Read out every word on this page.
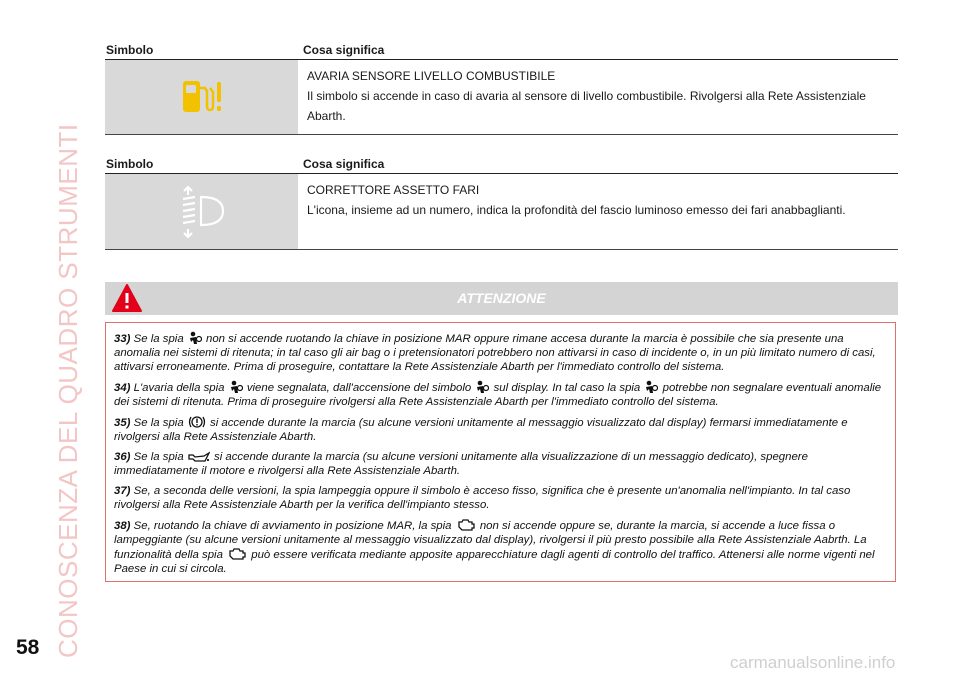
CONOSCENZA DEL QUADRO STRUMENTI
Simbolo	Cosa significa
AVARIA SENSORE LIVELLO COMBUSTIBILE
Il simbolo si accende in caso di avaria al sensore di livello combustibile. Rivolgersi alla Rete Assistenziale Abarth.
Simbolo	Cosa significa
CORRETTORE ASSETTO FARI
L'icona, insieme ad un numero, indica la profondità del fascio luminoso emesso dei fari anabbaglianti.
ATTENZIONE

33) Se la spia non si accende ruotando la chiave in posizione MAR oppure rimane accesa durante la marcia è possibile che sia presente una anomalia nei sistemi di ritenuta; in tal caso gli air bag o i pretensionatori potrebbero non attivarsi in caso di incidente o, in un più limitato numero di casi, attivarsi erroneamente. Prima di proseguire, contattare la Rete Assistenziale Abarth per l'immediato controllo del sistema.

34) L'avaria della spia viene segnalata, dall'accensione del simbolo sul display. In tal caso la spia potrebbe non segnalare eventuali anomalie dei sistemi di ritenuta. Prima di proseguire rivolgersi alla Rete Assistenziale Abarth per l'immediato controllo del sistema.

35) Se la spia si accende durante la marcia (su alcune versioni unitamente al messaggio visualizzato dal display) fermarsi immediatamente e rivolgersi alla Rete Assistenziale Abarth.

36) Se la spia	si accende durante la marcia (su alcune versioni unitamente alla visualizzazione di un messaggio dedicato), spegnere immediatamente il motore e rivolgersi alla Rete Assistenziale Abarth.

37) Se, a seconda delle versioni, la spia lampeggia oppure il simbolo è acceso fisso, significa che è presente un'anomalia nell'impianto. In tal caso rivolgersi alla Rete Assistenziale Abarth per la verifica dell'impianto stesso.

38) Se, ruotando la chiave di avviamento in posizione MAR, la spia non si accende oppure se, durante la marcia, si accende a luce fissa o lampeggiante (su alcune versioni unitamente al messaggio visualizzato dal display), rivolgersi il più presto possibile alla Rete Assistenziale Aabrth. La funzionalità della spia può essere verificata mediante apposite apparecchiature dagli agenti di controllo del traffico. Attenersi alle norme vigenti nel Paese in cui si circola.

58
carmanualsonline.info
